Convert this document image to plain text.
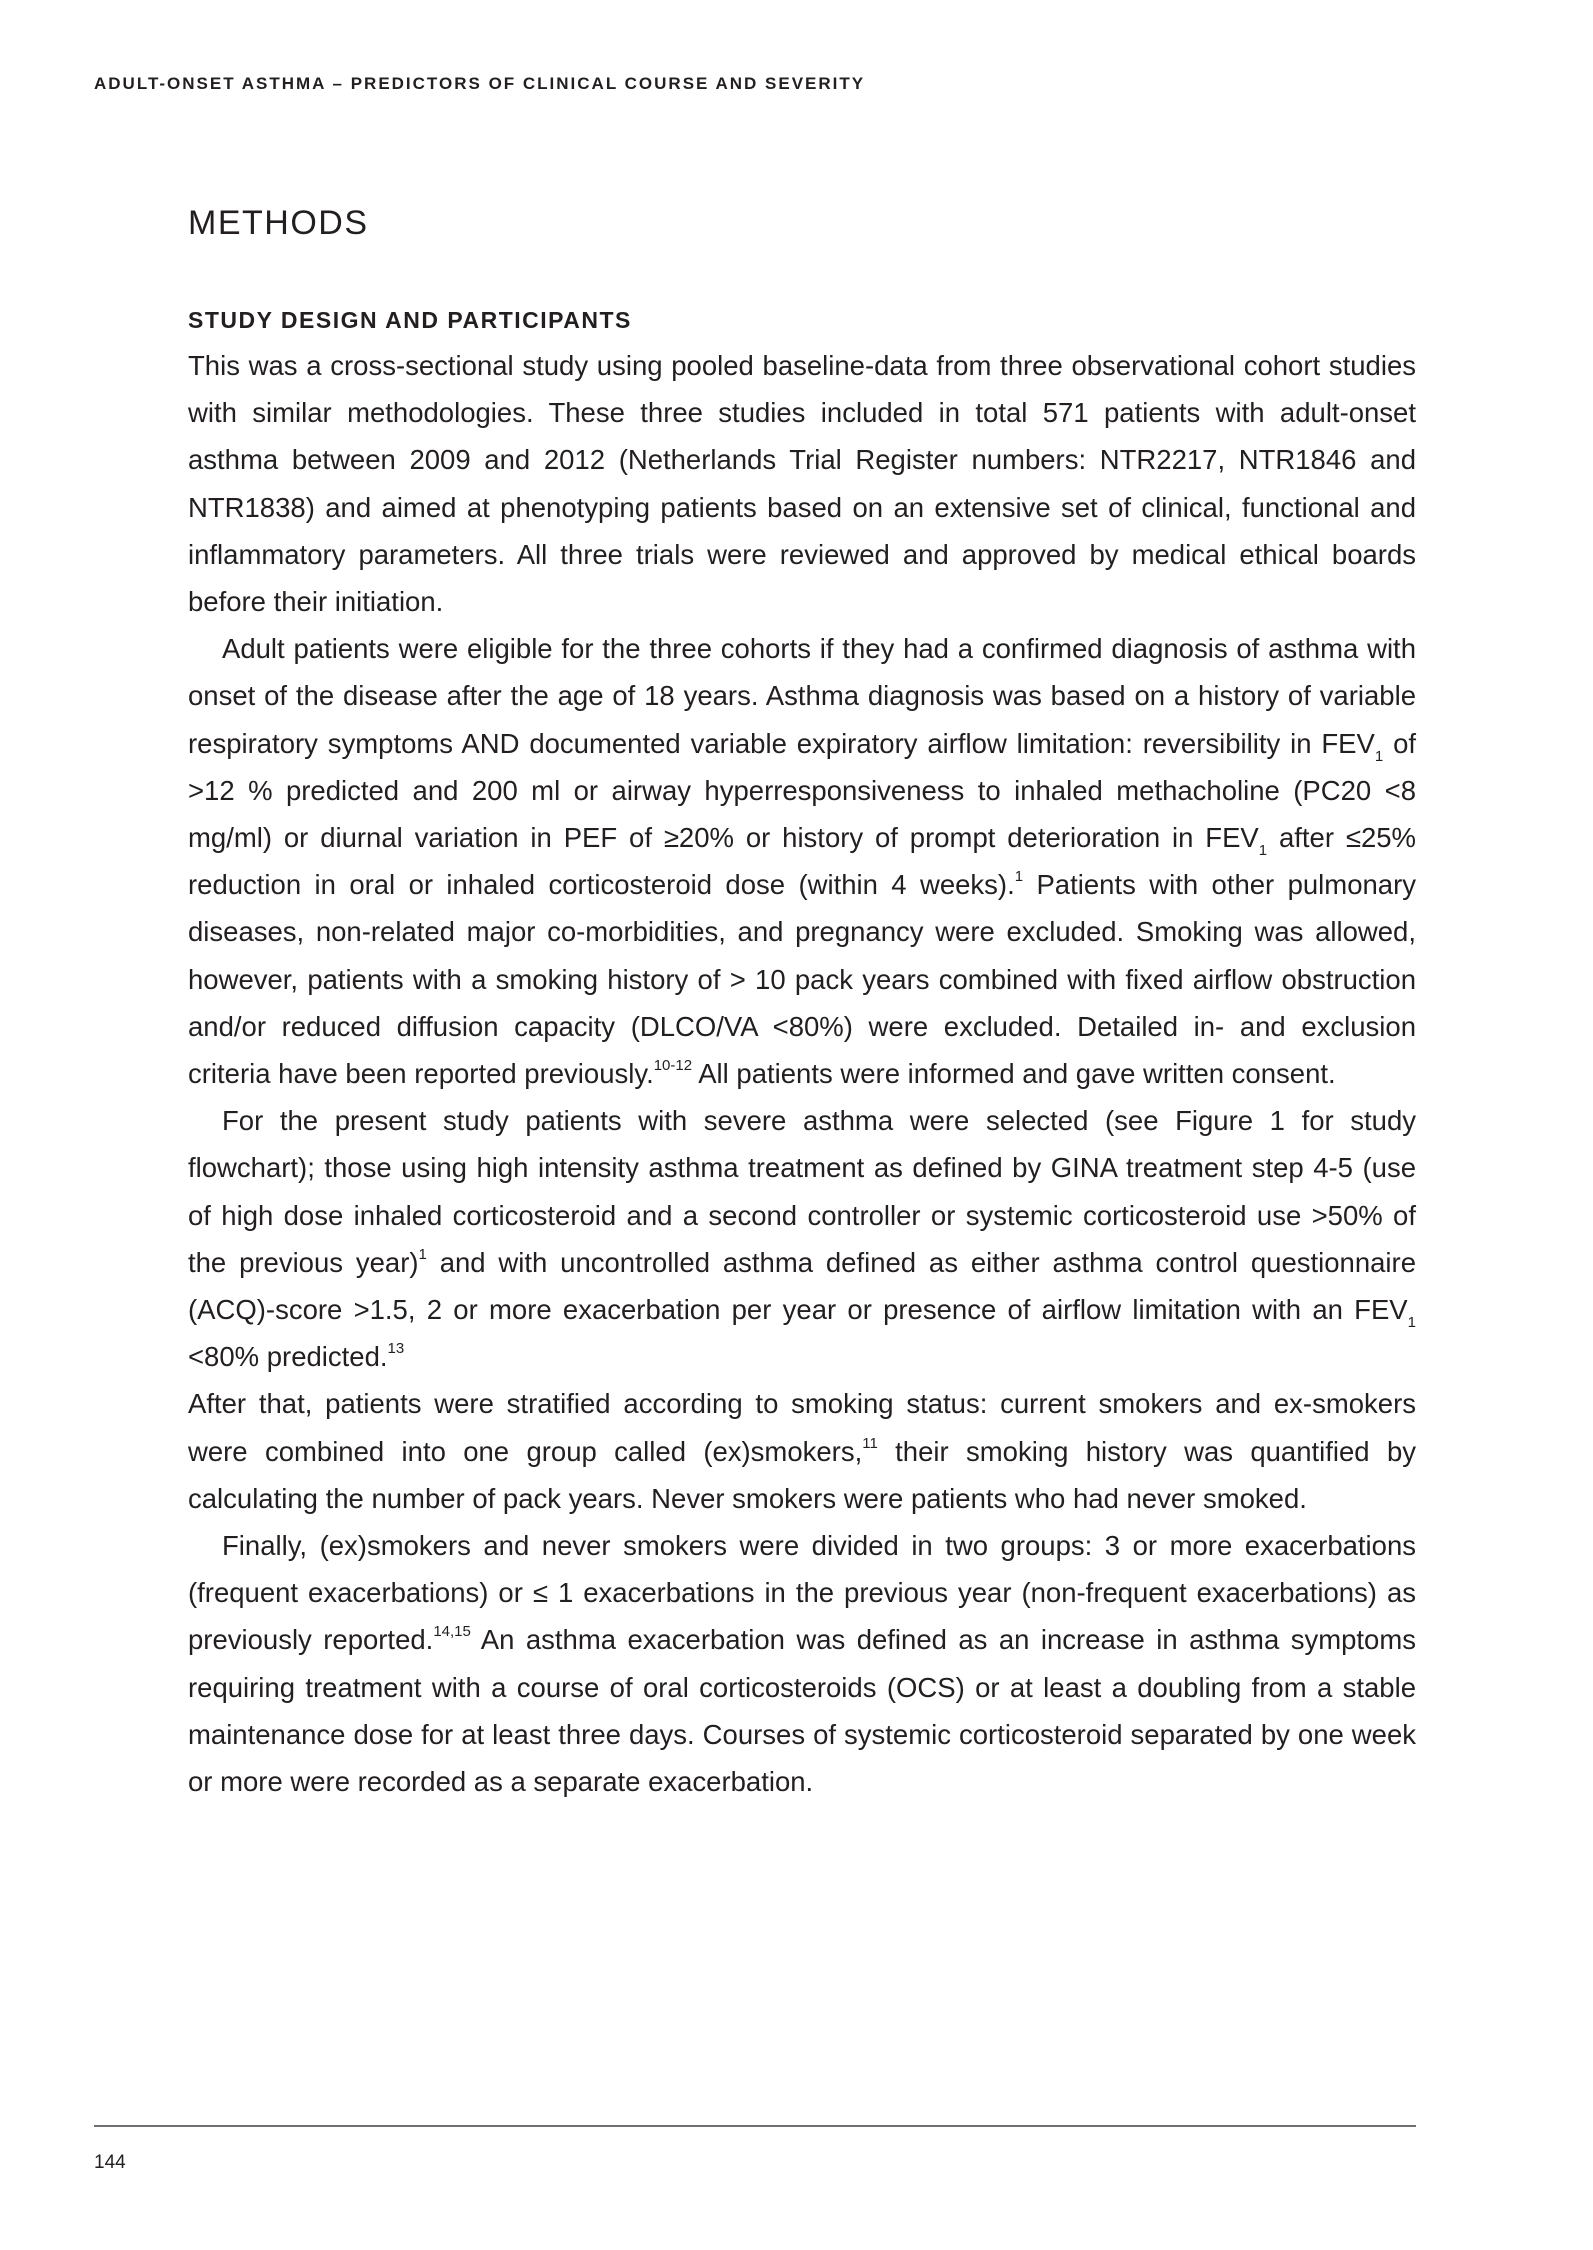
ADULT-ONSET ASTHMA – PREDICTORS OF CLINICAL COURSE AND SEVERITY
METHODS
STUDY DESIGN AND PARTICIPANTS

This was a cross-sectional study using pooled baseline-data from three observational cohort studies with similar methodologies. These three studies included in total 571 patients with adult-onset asthma between 2009 and 2012 (Netherlands Trial Register numbers: NTR2217, NTR1846 and NTR1838) and aimed at phenotyping patients based on an extensive set of clinical, functional and inflammatory parameters. All three trials were reviewed and approved by medical ethical boards before their initiation.

Adult patients were eligible for the three cohorts if they had a confirmed diagnosis of asthma with onset of the disease after the age of 18 years. Asthma diagnosis was based on a history of variable respiratory symptoms AND documented variable expiratory airflow limitation: reversibility in $FEV_1$ of >12 % predicted and 200 ml or airway hyperresponsiveness to inhaled methacholine (PC20 <8 mg/ml) or diurnal variation in PEF of ≥20% or history of prompt deterioration in $FEV_1$ after ≤25% reduction in oral or inhaled corticosteroid dose (within 4 weeks).$^1$ Patients with other pulmonary diseases, non-related major co-morbidities, and pregnancy were excluded. Smoking was allowed, however, patients with a smoking history of > 10 pack years combined with fixed airflow obstruction and/or reduced diffusion capacity (DLCO/VA <80%) were excluded. Detailed in- and exclusion criteria have been reported previously.$^{10-12}$ All patients were informed and gave written consent.

For the present study patients with severe asthma were selected (see Figure 1 for study flowchart); those using high intensity asthma treatment as defined by GINA treatment step 4-5 (use of high dose inhaled corticosteroid and a second controller or systemic corticosteroid use >50% of the previous year)$^1$ and with uncontrolled asthma defined as either asthma control questionnaire (ACQ)-score >1.5, 2 or more exacerbation per year or presence of airflow limitation with an $FEV_1 <80\%$ predicted.$^{13}$

After that, patients were stratified according to smoking status: current smokers and ex-smokers were combined into one group called (ex)smokers,$^{11}$ their smoking history was quantified by calculating the number of pack years. Never smokers were patients who had never smoked.

Finally, (ex)smokers and never smokers were divided in two groups: 3 or more exacerbations (frequent exacerbations) or ≤ 1 exacerbations in the previous year (non-frequent exacerbations) as previously reported.$^{14,15}$ An asthma exacerbation was defined as an increase in asthma symptoms requiring treatment with a course of oral corticosteroids (OCS) or at least a doubling from a stable maintenance dose for at least three days. Courses of systemic corticosteroid separated by one week or more were recorded as a separate exacerbation.

144
